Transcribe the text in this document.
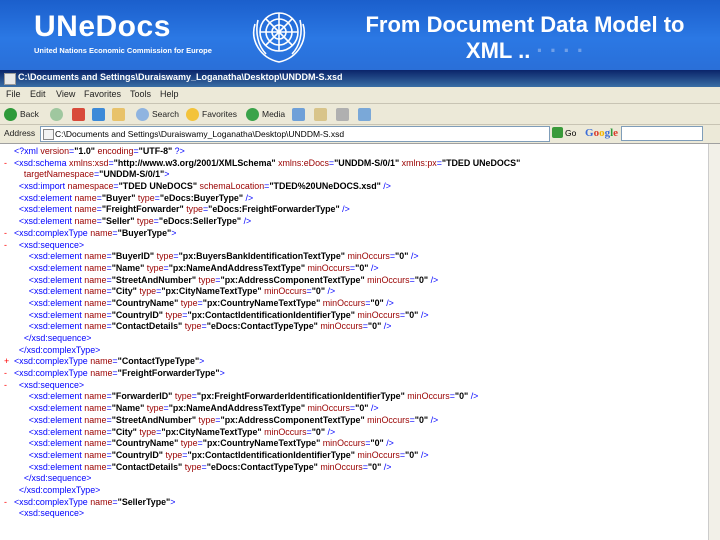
UNeDocs
United Nations Economic Commission for Europe
From Document Data Model to
XML .. · · · ·
C:\Documents and Settings\Duraiswamy_Loganatha\Desktop\UNDDM-S.xsd
File Edit View Favorites Tools Help
Back	Search	Favorites	Media
Address C:\Documents and Settings\Duraiswamy_Loganatha\Desktop\UNDDM-S.xsd	Go Google
<?xml version="1.0" encoding="UTF-8" ?>
- <xsd:schema xmlns:xsd="http://www.w3.org/2001/XMLSchema" xmlns:eDocs="UNDDM-S/0/1" xmlns:px="TDED UNeDOCS"
targetNamespace="UNDDM-S/0/1">
<xsd:import namespace="TDED UNeDOCS" schemaLocation="TDED%20UNeDOCS.xsd" />
<xsd:element name="Buyer" type="eDocs:BuyerType" />
<xsd:element name="FreightForwarder" type="eDocs:FreightForwarderType" />
<xsd:element name="Seller" type="eDocs:SellerType" />
- <xsd:complexType name="BuyerType">
-  <xsd:sequence>
<xsd:element name="BuyerID" type="px:BuyersBankIdentificationTextType" minOccurs="0" />
<xsd:element name="Name" type="px:NameAndAddressTextType" minOccurs="0" />
<xsd:element name="StreetAndNumber" type="px:AddressComponentTextType" minOccurs="0" />
<xsd:element name="City" type="px:CityNameTextType" minOccurs="0" />
<xsd:element name="CountryName" type="px:CountryNameTextType" minOccurs="0" />
<xsd:element name="CountryID" type="px:ContactIdentificationIdentifierType" minOccurs="0" />
<xsd:element name="ContactDetails" type="eDocs:ContactTypeType" minOccurs="0" />
</xsd:sequence>
</xsd:complexType>
+ <xsd:complexType name="ContactTypeType">
- <xsd:complexType name="FreightForwarderType">
-  <xsd:sequence>
<xsd:element name="ForwarderID" type="px:FreightForwarderIdentificationIdentifierType" minOccurs="0" />
<xsd:element name="Name" type="px:NameAndAddressTextType" minOccurs="0" />
<xsd:element name="StreetAndNumber" type="px:AddressComponentTextType" minOccurs="0" />
<xsd:element name="City" type="px:CityNameTextType" minOccurs="0" />
<xsd:element name="CountryName" type="px:CountryNameTextType" minOccurs="0" />
<xsd:element name="CountryID" type="px:ContactIdentificationIdentifierType" minOccurs="0" />
<xsd:element name="ContactDetails" type="eDocs:ContactTypeType" minOccurs="0" />
</xsd:sequence>
</xsd:complexType>
- <xsd:complexType name="SellerType">
<xsd:sequence>
